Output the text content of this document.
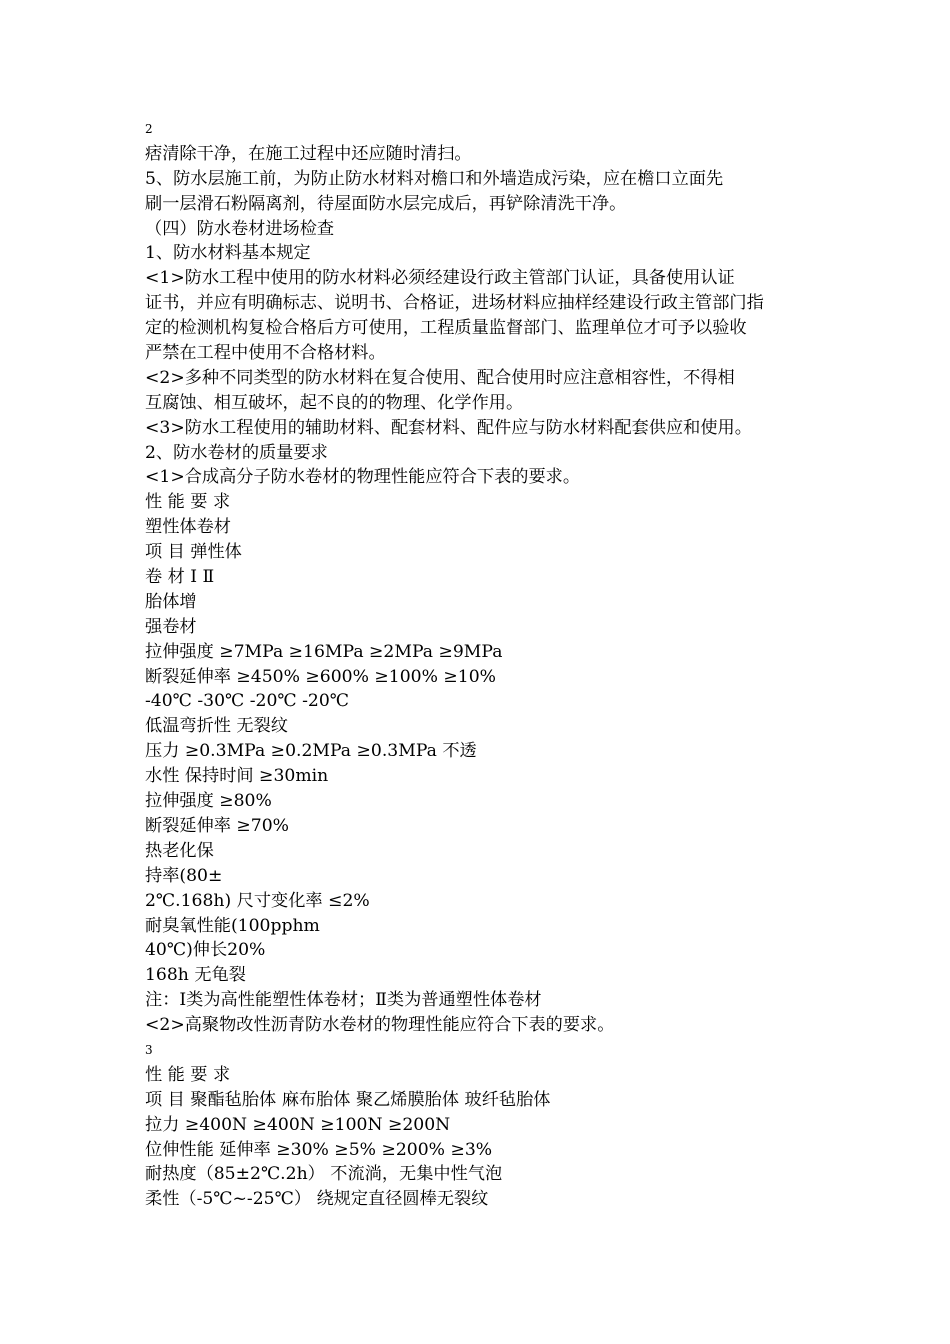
2
痞清除干净，在施工过程中还应随时清扫。
5、防水层施工前，为防止防水材料对檐口和外墙造成污染，应在檐口立面先
刷一层滑石粉隔离剂，待屋面防水层完成后，再铲除清洗干净。
（四）防水卷材进场检查
1、防水材料基本规定
<1>防水工程中使用的防水材料必须经建设行政主管部门认证，具备使用认证
证书，并应有明确标志、说明书、合格证，进场材料应抽样经建设行政主管部门指
定的检测机构复检合格后方可使用，工程质量监督部门、监理单位才可予以验收
严禁在工程中使用不合格材料。
<2>多种不同类型的防水材料在复合使用、配合使用时应注意相容性，不得相
互腐蚀、相互破坏，起不良的的物理、化学作用。
<3>防水工程使用的辅助材料、配套材料、配件应与防水材料配套供应和使用。
2、防水卷材的质量要求
<1>合成高分子防水卷材的物理性能应符合下表的要求。
性 能 要 求
塑性体卷材
项 目 弹性体
卷 材 Ⅰ Ⅱ
胎体增
强卷材
拉伸强度 ≥7MPa ≥16MPa ≥2MPa ≥9MPa
断裂延伸率 ≥450% ≥600% ≥100% ≥10%
-40℃ -30℃ -20℃ -20℃
低温弯折性 无裂纹
压力 ≥0.3MPa ≥0.2MPa ≥0.3MPa 不透
水性 保持时间 ≥30min
拉伸强度 ≥80%
断裂延伸率 ≥70%
热老化保
持率(80±
2℃.168h) 尺寸变化率 ≤2%
耐臭氧性能(100pphm
40℃)伸长20%
168h 无龟裂
注：Ⅰ类为高性能塑性体卷材；Ⅱ类为普通塑性体卷材
<2>高聚物改性沥青防水卷材的物理性能应符合下表的要求。
3
性 能 要 求
项 目 聚酯毡胎体 麻布胎体 聚乙烯膜胎体 玻纤毡胎体
拉力 ≥400N ≥400N ≥100N ≥200N
位伸性能 延伸率 ≥30% ≥5% ≥200% ≥3%
耐热度（85±2℃.2h） 不流淌，无集中性气泡
柔性（-5℃~-25℃） 绕规定直径圆棒无裂纹
